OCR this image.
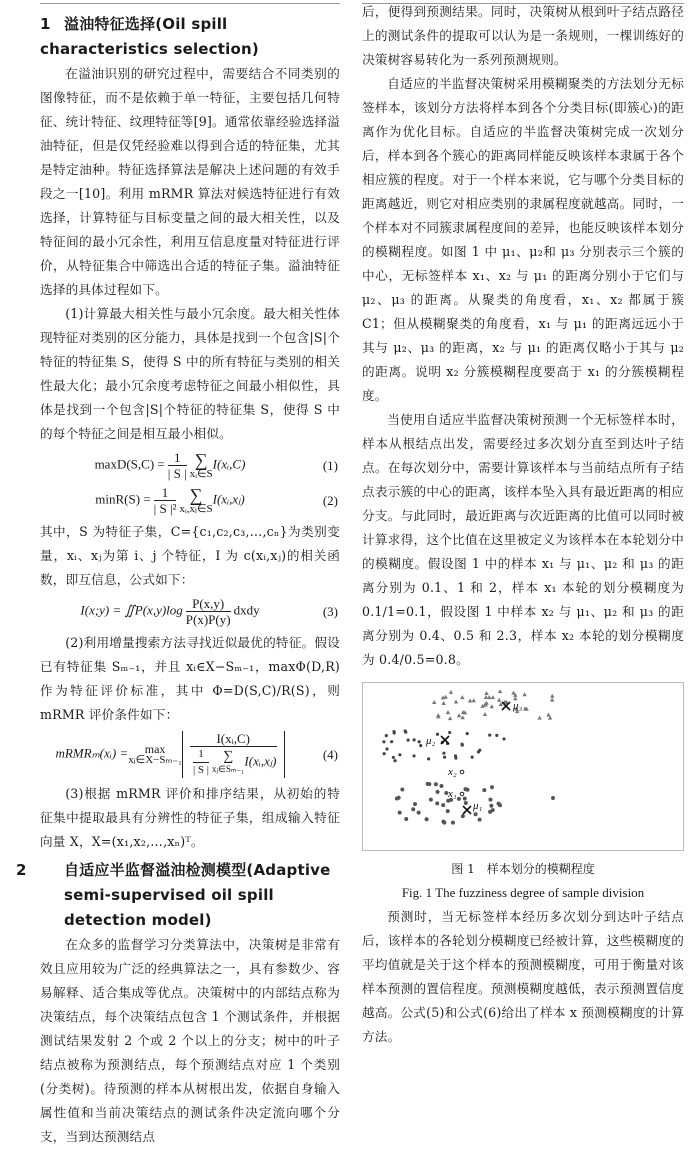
1 溢油特征选择(Oil spill characteristics selection)

在溢油识别的研究过程中，需要结合不同类别的图像特征，而不是依赖于单一特征，主要包括几何特征、统计特征、纹理特征等[9]。通常依靠经验选择溢油特征，但是仅凭经验难以得到合适的特征集，尤其是特定油种。特征选择算法是解决上述问题的有效手段之一[10]。利用 mRMR 算法对候选特征进行有效选择，计算特征与目标变量之间的最大相关性，以及特征间的最小冗余性，利用互信息度量对特征进行评价，从特征集合中筛选出合适的特征子集。溢油特征选择的具体过程如下。

(1)计算最大相关性与最小冗余度。最大相关性体现特征对类别的区分能力，具体是找到一个包含|S|个特征的特征集 S，使得 S 中的所有特征与类别的相关性最大化；最小冗余度考虑特征之间最小相似性，具体是找到一个包含|S|个特征的特征集 S，使得 S 中的每个特征之间是相互最小相似。

$\max D(S,C) = \frac{1}{| S |}$ ∑
xᵢ∈SI(xᵢ,C)	(1)
$\min R(S) = \frac{1}{\text{| S |²}}$ ∑
xᵢ,xⱼ∈SI(xᵢ,xⱼ)	(2)

其中，S 为特征子集，C={c₁,c₂,c₃,…,cₙ}为类别变量，xᵢ、xⱼ为第 i、j 个特征，I 为 c(xᵢ,xⱼ)的相关函数，即互信息，公式如下：

I(x;y) = ∬P(x,y)log $\frac{P(x,y)}{P(x)P(y)}$ dxdy	(3)

(2)利用增量搜索方法寻找近似最优的特征。假设已有特征集 Sₘ₋₁，并且 xᵢ∈X−Sₘ₋₁，maxΦ(D,R)作为特征评价标准，其中 Φ=D(S,C)/R(S)，则 mRMR 评价条件如下：

mRMRₘ(xᵢ) =	max
xⱼ∈X−Sₘ₋₁ I(xᵢ,C)
$\frac{1}{| S |}$	∑
xⱼ∈Sₘ₋₁I(xᵢ,xⱼ)	(4)

(3)根据 mRMR 评价和排序结果，从初始的特征集中提取最具有分辨性的特征子集，组成输入特征向量 X，X=(x₁,x₂,…,xₙ)ᵀ。

2 自适应半监督溢油检测模型(Adaptive semi-supervised oil spill detection model)

在众多的监督学习分类算法中，决策树是非常有效且应用较为广泛的经典算法之一，具有参数少、容易解释、适合集成等优点。决策树中的内部结点称为决策结点，每个决策结点包含 1 个测试条件，并根据测试结果发射 2 个或 2 个以上的分支；树中的叶子结点被称为预测结点，每个预测结点对应 1 个类别(分类树)。待预测的样本从树根出发，依据自身输入属性值和当前决策结点的测试条件决定流向哪个分支，当到达预测结点

后，便得到预测结果。同时，决策树从根到叶子结点路径上的测试条件的提取可以认为是一条规则，一棵训练好的决策树容易转化为一系列预测规则。

自适应的半监督决策树采用模糊聚类的方法划分无标签样本，该划分方法将样本到各个分类目标(即簇心)的距离作为优化目标。自适应的半监督决策树完成一次划分后，样本到各个簇心的距离同样能反映该样本隶属于各个相应簇的程度。对于一个样本来说，它与哪个分类目标的距离越近，则它对相应类别的隶属程度就越高。同时，一个样本对不同簇隶属程度间的差异，也能反映该样本划分的模糊程度。如图 1 中 μ₁、μ₂和 μ₃ 分别表示三个簇的中心，无标签样本 x₁、x₂ 与 μ₁ 的距离分别小于它们与 μ₂、μ₃ 的距离。从聚类的角度看，x₁、x₂ 都属于簇 C1；但从模糊聚类的角度看，x₁ 与 μ₁ 的距离远远小于其与 μ₂、μ₃ 的距离，x₂ 与 μ₁ 的距离仅略小于其与 μ₂ 的距离。说明 x₂ 分簇模糊程度要高于 x₁ 的分簇模糊程度。

当使用自适应半监督决策树预测一个无标签样本时，样本从根结点出发，需要经过多次划分直至到达叶子结点。在每次划分中，需要计算该样本与当前结点所有子结点表示簇的中心的距离，该样本坠入具有最近距离的相应分支。与此同时，最近距离与次近距离的比值可以同时被计算求得，这个比值在这里被定义为该样本在本轮划分中的模糊度。假设图 1 中的样本 x₁ 与 μ₁、μ₂ 和 μ₃ 的距离分别为 0.1、1 和 2，样本 x₁ 本轮的划分模糊度为 0.1/1=0.1，假设图 1 中样本 x₂ 与 μ₁、μ₂ 和 μ₃ 的距离分别为 0.4、0.5 和 2.3，样本 x₂ 本轮的划分模糊度为 0.4/0.5=0.8。

μ₃
μ₂
μ₁
x₂
x₁
图 1　样本划分的模糊程度
Fig. 1 The fuzziness degree of sample division

预测时，当无标签样本经历多次划分到达叶子结点后，该样本的各轮划分模糊度已经被计算，这些模糊度的平均值就是关于这个样本的预测模糊度，可用于衡量对该样本预测的置信程度。预测模糊度越低，表示预测置信度越高。公式(5)和公式(6)给出了样本 x 预测模糊度的计算方法。
